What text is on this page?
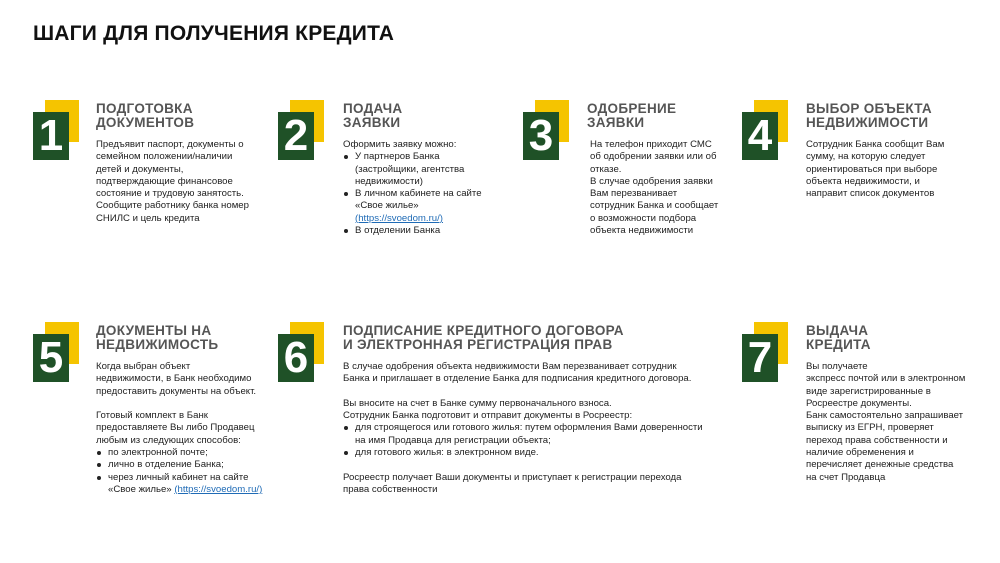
ШАГИ ДЛЯ ПОЛУЧЕНИЯ КРЕДИТА
1
ПОДГОТОВКА
ДОКУМЕНТОВ

Предъявит паспорт, документы о
семейном положении/наличии
детей и документы,
подтверждающие финансовое
состояние и трудовую занятость.
Сообщите работнику банка номер
СНИЛС и цель кредита

2
ПОДАЧА
ЗАЯВКИ

Оформить заявку можно:

У партнеров Банка
(застройщики, агентства
недвижимости)
В личном кабинете на сайте
«Свое жилье»
(https://svoedom.ru/)
В отделении Банка
3
ОДОБРЕНИЕ
ЗАЯВКИ

На телефон приходит СМС
об одобрении заявки или об
отказе.
В случае одобрения заявки
Вам перезванивает
сотрудник Банка и сообщает
о возможности подбора
объекта недвижимости

4
ВЫБОР ОБЪЕКТА
НЕДВИЖИМОСТИ

Сотрудник Банка сообщит Вам
сумму, на которую следует
ориентироваться при выборе
объекта недвижимости, и
направит список документов

5
ДОКУМЕНТЫ НА
НЕДВИЖИМОСТЬ

Когда выбран объект
недвижимости, в Банк необходимо
предоставить документы на объект.

Готовый комплект в Банк
предоставляете Вы либо Продавец
любым из следующих способов:

по электронной почте;
лично в отделение Банка;
через личный кабинет на сайте
«Свое жилье» (https://svoedom.ru/)
6
ПОДПИСАНИЕ КРЕДИТНОГО ДОГОВОРА
И ЭЛЕКТРОННАЯ РЕГИСТРАЦИЯ ПРАВ

В случае одобрения объекта недвижимости Вам перезванивает сотрудник
Банка и приглашает в отделение Банка для подписания кредитного договора.

Вы вносите на счет в Банке сумму первоначального взноса.
Сотрудник Банка подготовит и отправит документы в Росреестр:

для строящегося или готового жилья: путем оформления Вами доверенности
на имя Продавца для регистрации объекта;
для готового жилья: в электронном виде.

Росреестр получает Ваши документы и приступает к регистрации перехода
права собственности

7
ВЫДАЧА
КРЕДИТА

Вы получаете
экспресс почтой или в электронном
виде зарегистрированные в
Росреестре документы.
Банк самостоятельно запрашивает
выписку из ЕГРН, проверяет
переход права собственности и
наличие обременения и
перечисляет денежные средства
на счет Продавца
